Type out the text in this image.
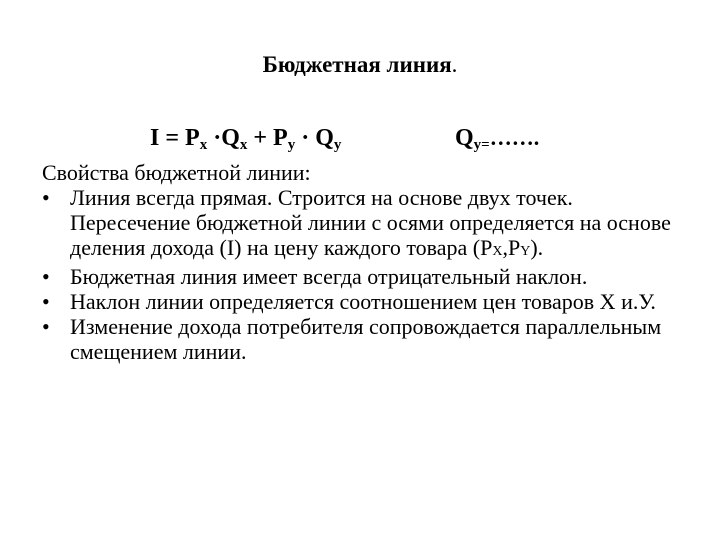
Бюджетная линия.
$I = P_x \cdot Q_x + P_y \cdot Q_y$	$Q_{y=}\dots\dots$.
Свойства бюджетной линии:
• Линия всегда прямая. Строится на основе двух точек. Пересечение бюджетной линии с осями определяется на основе деления дохода (I) на цену каждого товара (PX,PY).
• Бюджетная линия имеет всегда отрицательный наклон.
• Наклон линии определяется соотношением цен товаров Х и.У.
• Изменение дохода потребителя сопровождается параллельным смещением линии.
